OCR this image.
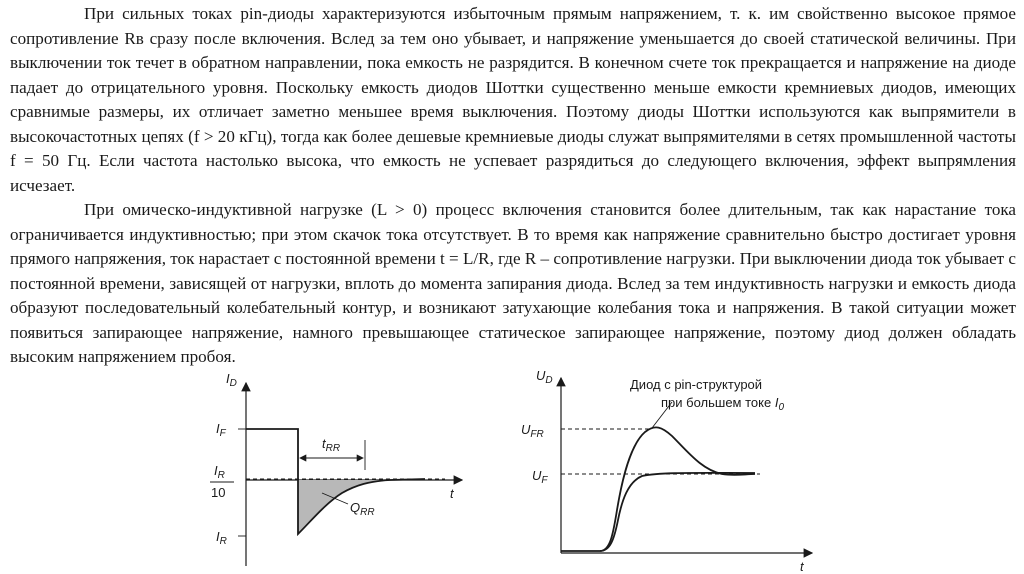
При сильных токах pin-диоды характеризуются избыточным прямым напряжением, т. к. им свойственно высокое прямое сопротивление Rʙ сразу после включения. Вслед за тем оно убывает, и напряжение уменьшается до своей статической величины. При выключении ток течет в обратном направлении, пока емкость не разрядится. В конечном счете ток прекращается и напряжение на диоде падает до отрицательного уровня. Поскольку емкость диодов Шоттки существенно меньше емкости кремниевых диодов, имеющих сравнимые размеры, их отличает заметно меньшее время выключения. Поэтому диоды Шоттки используются как выпрямители в высокочастотных цепях (f > 20 кГц), тогда как более дешевые кремниевые диоды служат выпрямителями в сетях промышленной частоты f = 50 Гц. Если частота настолько высока, что емкость не успевает разрядиться до следующего включения, эффект выпрямления исчезает.

При омическо-индуктивной нагрузке (L > 0) процесс включения становится более длительным, так как нарастание тока ограничивается индуктивностью; при этом скачок тока отсутствует. В то время как напряжение сравнительно быстро достигает уровня прямого напряжения, ток нарастает с постоянной времени t = L/R, где R – сопротивление нагрузки. При выключении диода ток убывает с постоянной времени, зависящей от нагрузки, вплоть до момента запирания диода. Вслед за тем индуктивность нагрузки и емкость диода образуют последовательный колебательный контур, и возникают затухающие колебания тока и напряжения. В такой ситуации может появиться запирающее напряжение, намного превышающее статическое запирающее напряжение, поэтому диод должен обладать высоким напряжением пробоя.

$I_D$
t
$I_F$
$I_R$
10
$I_R$
$t_{RR}$
$Q_{RR}$
$U_D$
t
$U_{FR}$
$U_F$
Диод с pin-структурой
при большем токе $I_0$
